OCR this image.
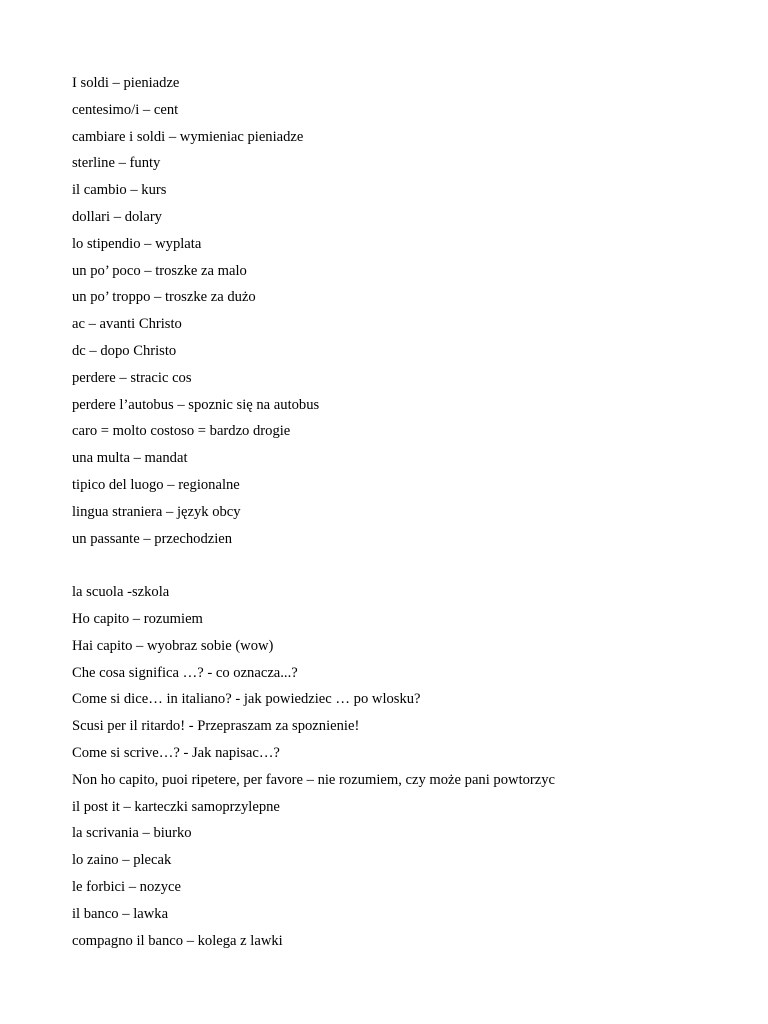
I soldi – pieniadze
centesimo/i – cent
cambiare i soldi – wymieniac pieniadze
sterline – funty
il cambio – kurs
dollari – dolary
lo stipendio – wyplata
un po’ poco – troszke za malo
un po’ troppo – troszke za dużo
ac – avanti Christo
dc – dopo Christo
perdere – stracic cos
perdere l’autobus – spoznic się na autobus
caro = molto costoso = bardzo drogie
una multa – mandat
tipico del luogo – regionalne
lingua straniera – język obcy
un passante – przechodzien
la scuola -szkola
Ho capito – rozumiem
Hai capito – wyobraz sobie (wow)
Che cosa significa …? - co oznacza...?
Come si dice… in italiano? - jak powiedziec … po wlosku?
Scusi per il ritardo! - Przepraszam za spoznienie!
Come si scrive…? - Jak napisac…?
Non ho capito, puoi ripetere, per favore – nie rozumiem, czy może pani powtorzyc
il post it – karteczki samoprzylepne
la scrivania – biurko
lo zaino – plecak
le forbici – nozyce
il banco – lawka
compagno il banco – kolega z lawki
